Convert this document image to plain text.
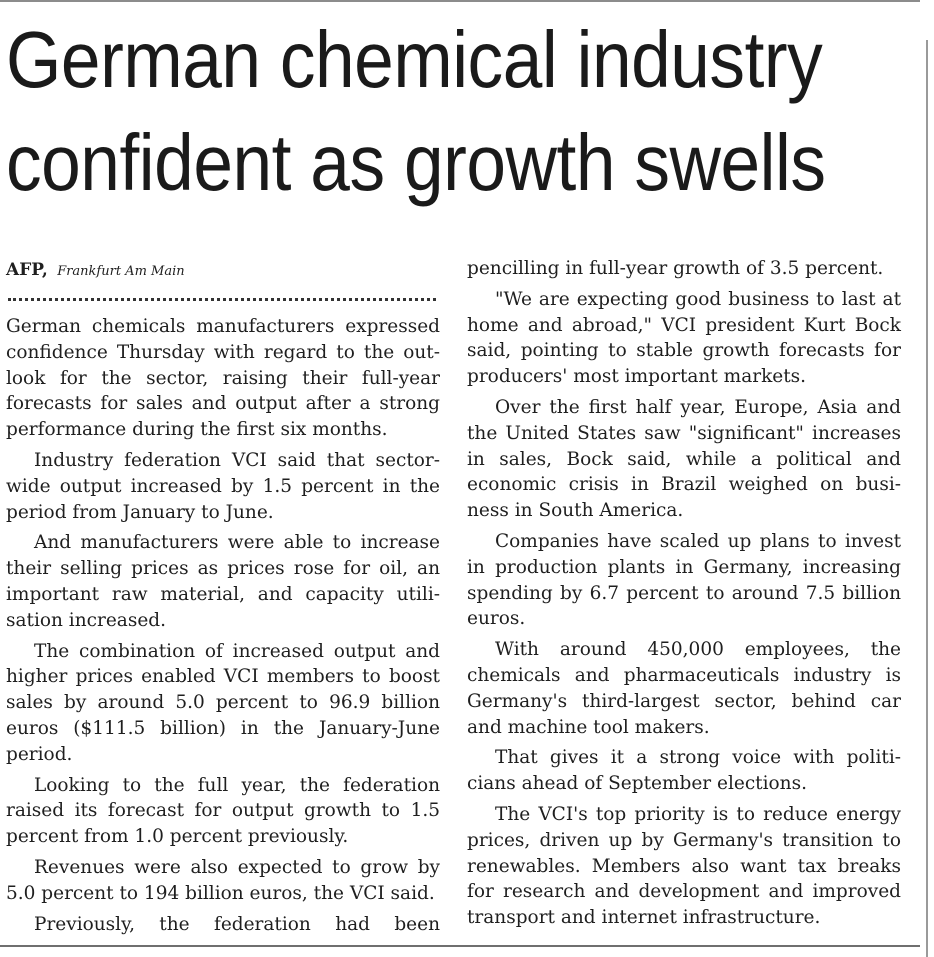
German chemical industry
confident as growth swells
AFP, Frankfurt Am Main

German chemicals manufacturers expressed confidence Thursday with regard to the out-look for the sector, raising their full-year forecasts for sales and output after a strong performance during the first six months.

Industry federation VCI said that sector-wide output increased by 1.5 percent in the period from January to June.

And manufacturers were able to increase their selling prices as prices rose for oil, an important raw material, and capacity utili-sation increased.

The combination of increased output and higher prices enabled VCI members to boost sales by around 5.0 percent to 96.9 billion euros ($111.5 billion) in the January-June period.

Looking to the full year, the federation raised its forecast for output growth to 1.5 percent from 1.0 percent previously.

Revenues were also expected to grow by 5.0 percent to 194 billion euros, the VCI said.

Previously, the federation had been

pencilling in full-year growth of 3.5 percent.

"We are expecting good business to last at home and abroad," VCI president Kurt Bock said, pointing to stable growth forecasts for producers' most important markets.

Over the first half year, Europe, Asia and the United States saw "significant" increases in sales, Bock said, while a political and economic crisis in Brazil weighed on busi-ness in South America.

Companies have scaled up plans to invest in production plants in Germany, increasing spending by 6.7 percent to around 7.5 billion euros.

With around 450,000 employees, the chemicals and pharmaceuticals industry is Germany's third-largest sector, behind car and machine tool makers.

That gives it a strong voice with politi-cians ahead of September elections.

The VCI's top priority is to reduce energy prices, driven up by Germany's transition to renewables. Members also want tax breaks for research and development and improved transport and internet infrastructure.
